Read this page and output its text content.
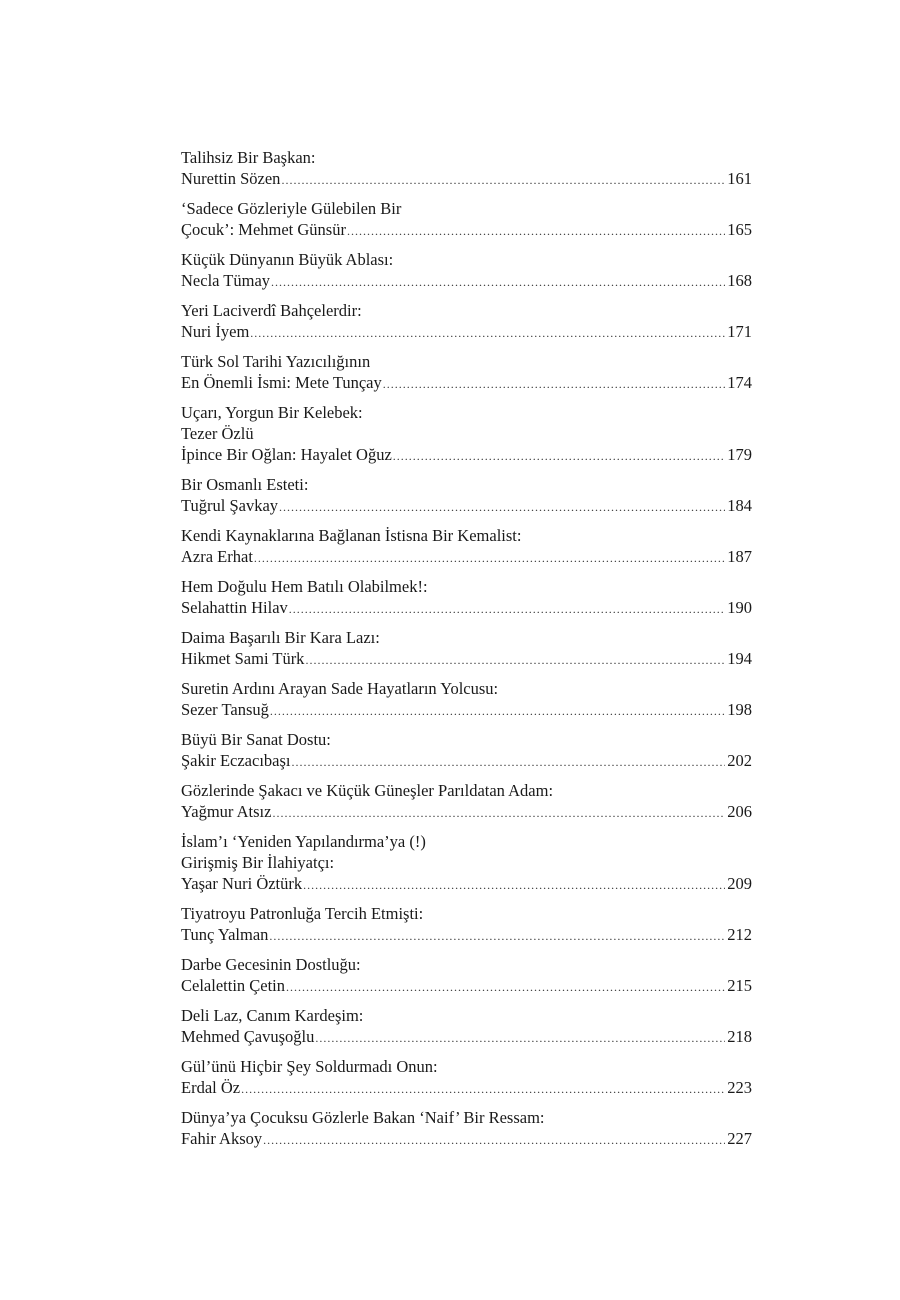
Talihsiz Bir Başkan:
Nurettin Sözen .....	161
‘Sadece Gözleriyle Gülebilen Bir
Çocuk’: Mehmet Günsür .....	165
Küçük Dünyanın Büyük Ablası:
Necla Tümay .....	168
Yeri Laciverdî Bahçelerdir:
Nuri İyem .....	171
Türk Sol Tarihi Yazıcılığının
En Önemli İsmi: Mete Tunçay .....	174
Uçarı, Yorgun Bir Kelebek:
Tezer Özlü
İpince Bir Oğlan: Hayalet Oğuz .....	179
Bir Osmanlı Esteti:
Tuğrul Şavkay .....	184
Kendi Kaynaklarına Bağlanan İstisna Bir Kemalist:
Azra Erhat .....	187
Hem Doğulu Hem Batılı Olabilmek!:
Selahattin Hilav .....	190
Daima Başarılı Bir Kara Lazı:
Hikmet Sami Türk .....	194
Suretin Ardını Arayan Sade Hayatların Yolcusu:
Sezer Tansuğ .....	198
Büyü Bir Sanat Dostu:
Şakir Eczacıbaşı .....	202
Gözlerinde Şakacı ve Küçük Güneşler Parıldatan Adam:
Yağmur Atsız .....	206
İslam’ı ‘Yeniden Yapılandırma’ya (!)
Girişmiş Bir İlahiyatçı:
Yaşar Nuri Öztürk .....	209
Tiyatroyu Patronluğa Tercih Etmişti:
Tunç Yalman .....	212
Darbe Gecesinin Dostluğu:
Celalettin Çetin .....	215
Deli Laz, Canım Kardeşim:
Mehmed Çavuşoğlu .....	218
Gül’ünü Hiçbir Şey Soldurmadı Onun:
Erdal Öz .....	223
Dünya’ya Çocuksu Gözlerle Bakan ‘Naif’ Bir Ressam:
Fahir Aksoy .....	227
